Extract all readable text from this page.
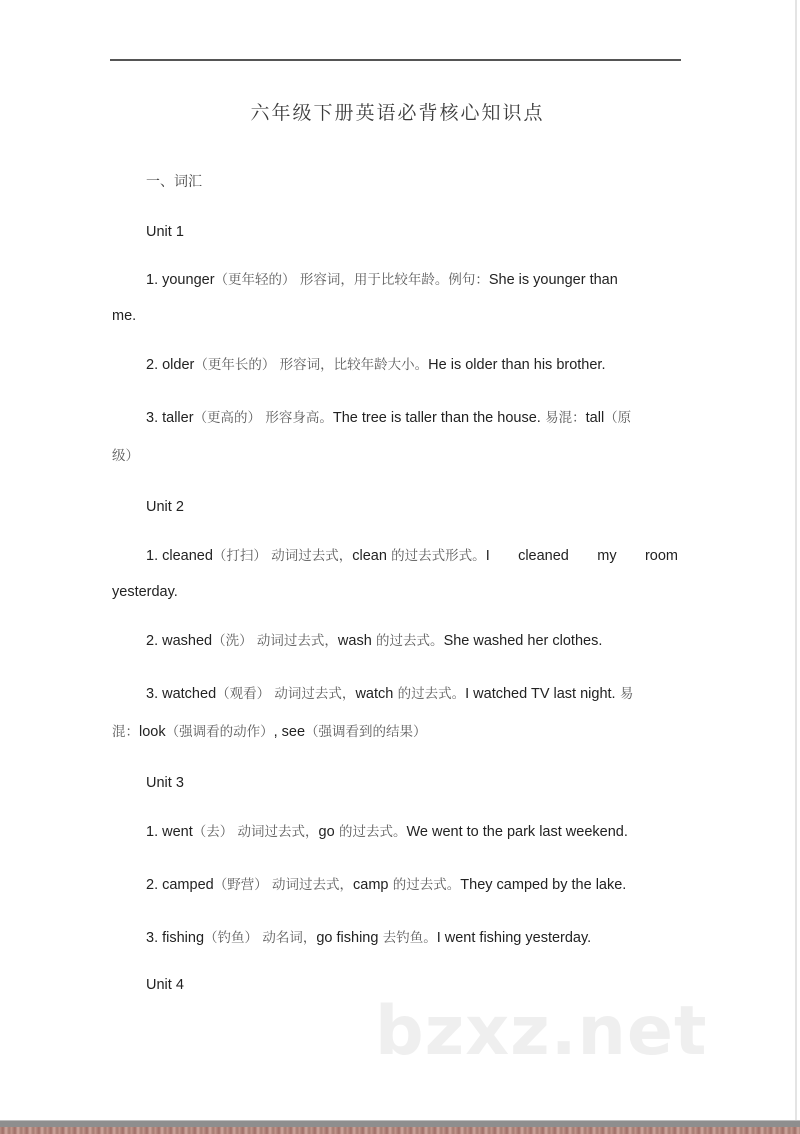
六年级下册英语必背核心知识点
一、词汇
Unit 1
1. younger（更年轻的） 形容词，用于比较年龄。例句：She is younger than
me.
2. older（更年长的） 形容词，比较年龄大小。He is older than his brother.
3. taller（更高的） 形容身高。The tree is taller than the house. 易混：tall（原
级）
Unit 2
1. cleaned（打扫） 动词过去式，clean 的过去式形式。I cleaned my room
yesterday.
2. washed（洗） 动词过去式，wash 的过去式。She washed her clothes.
3. watched（观看） 动词过去式，watch 的过去式。I watched TV last night. 易
混：look（强调看的动作）, see（强调看到的结果）
Unit 3
1. went（去） 动词过去式，go 的过去式。We went to the park last weekend.
2. camped（野营） 动词过去式，camp 的过去式。They camped by the lake.
3. fishing（钓鱼） 动名词，go fishing 去钓鱼。I went fishing yesterday.
Unit 4
bzxz.net
